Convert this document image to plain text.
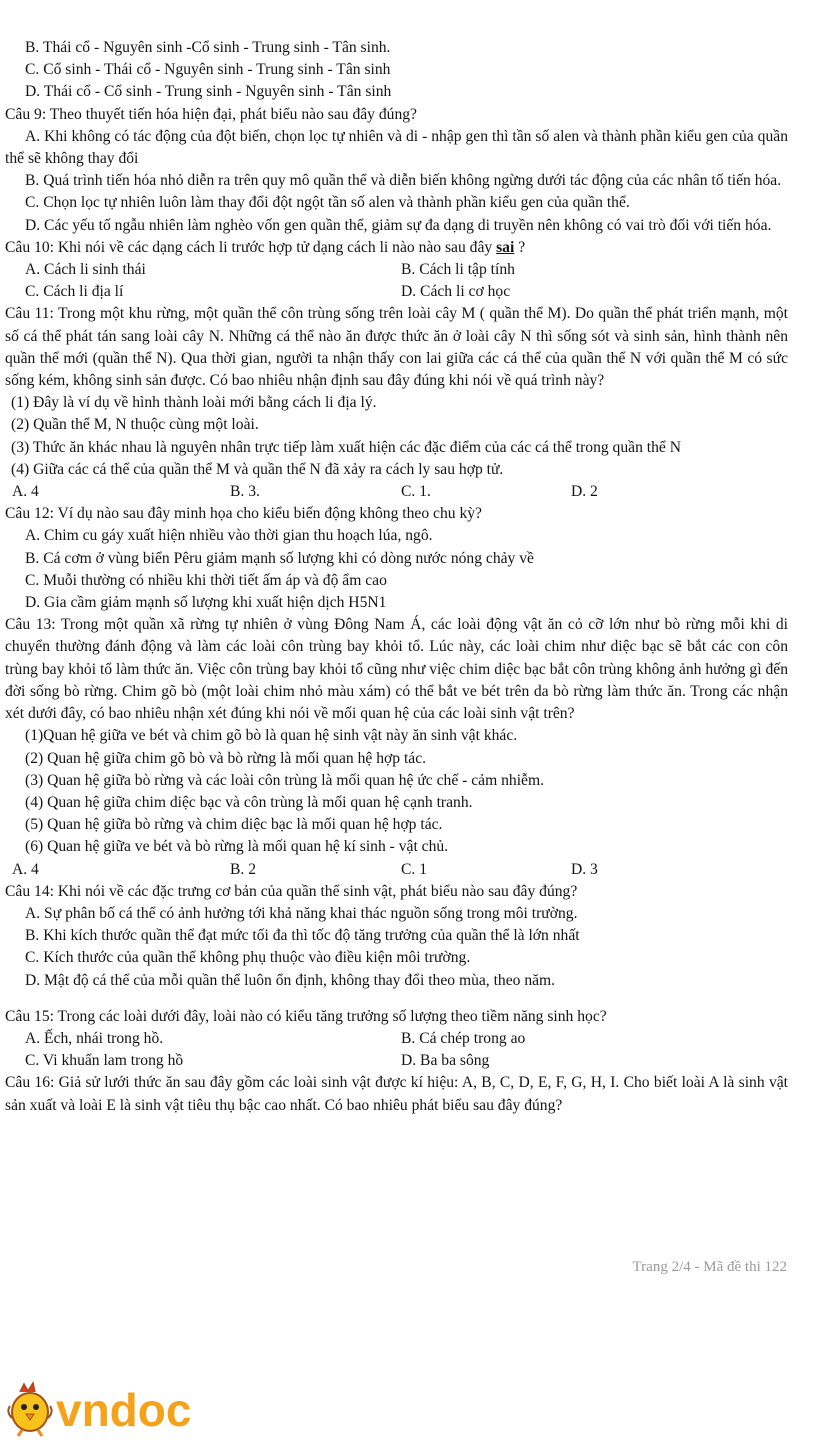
B. Thái cổ - Nguyên sinh -Cổ sinh - Trung sinh - Tân sinh.
C. Cổ sinh - Thái cổ - Nguyên sinh - Trung sinh - Tân sinh
D. Thái cổ - Cổ sinh - Trung sinh - Nguyên sinh - Tân sinh
Câu 9: Theo thuyết tiến hóa hiện đại, phát biểu nào sau đây đúng?
A. Khi không có tác động của đột biến, chọn lọc tự nhiên và di - nhập gen thì tần số alen và thành phần kiểu gen của quần thể sẽ không thay đổi
B. Quá trình tiến hóa nhỏ diễn ra trên quy mô quần thể và diễn biến không ngừng dưới tác động của các nhân tố tiến hóa.
C. Chọn lọc tự nhiên luôn làm thay đổi đột ngột tần số alen và thành phần kiểu gen của quần thể.
D. Các yếu tố ngẫu nhiên làm nghèo vốn gen quần thể, giảm sự đa dạng di truyền nên không có vai trò đối với tiến hóa.
Câu 10: Khi nói về các dạng cách li trước hợp tử dạng cách li nào nào sau đây sai ?
A. Cách li sinh thái	B. Cách li tập tính
C. Cách li địa lí	D. Cách li cơ học
Câu 11: Trong một khu rừng, một quần thể côn trùng sống trên loài cây M ( quần thể M). Do quần thể phát triển mạnh, một số cá thể phát tán sang loài cây N. Những cá thể nào ăn được thức ăn ở loài cây N thì sống sót và sinh sản, hình thành nên quần thể mới (quần thể N). Qua thời gian, người ta nhận thấy con lai giữa các cá thể của quần thể N với quần thể M có sức sống kém, không sinh sản được. Có bao nhiêu nhận định sau đây đúng khi nói về quá trình này?
(1) Đây là ví dụ về hình thành loài mới bằng cách li địa lý.
(2) Quần thể M, N thuộc cùng một loài.
(3) Thức ăn khác nhau là nguyên nhân trực tiếp làm xuất hiện các đặc điểm của các cá thể trong quần thể N
(4) Giữa các cá thể của quần thể M và quần thể N đã xảy ra cách ly sau hợp tử.
A. 4	B. 3.	C. 1.	D. 2
Câu 12: Ví dụ nào sau đây minh họa cho kiểu biến động không theo chu kỳ?
A. Chim cu gáy xuất hiện nhiều vào thời gian thu hoạch lúa, ngô.
B. Cá cơm ở vùng biển Pêru giảm mạnh số lượng khi có dòng nước nóng chảy về
C. Muỗi thường có nhiều khi thời tiết ấm áp và độ ẩm cao
D. Gia cầm giảm mạnh số lượng khi xuất hiện dịch H5N1
Câu 13: Trong một quần xã rừng tự nhiên ở vùng Đông Nam Á, các loài động vật ăn cỏ cỡ lớn như bò rừng mỗi khi di chuyển thường đánh động và làm các loài côn trùng bay khỏi tổ. Lúc này, các loài chim như diệc bạc sẽ bắt các con côn trùng bay khỏi tổ làm thức ăn. Việc côn trùng bay khỏi tổ cũng như việc chim diệc bạc bắt côn trùng không ảnh hưởng gì đến đời sống bò rừng. Chim gõ bò (một loài chim nhỏ màu xám) có thể bắt ve bét trên da bò rừng làm thức ăn. Trong các nhận xét dưới đây, có bao nhiêu nhận xét đúng khi nói về mối quan hệ của các loài sinh vật trên?
(1)Quan hệ giữa ve bét và chim gõ bò là quan hệ sinh vật này ăn sinh vật khác.
(2) Quan hệ giữa chim gõ bò và bò rừng là mối quan hệ hợp tác.
(3) Quan hệ giữa bò rừng và các loài côn trùng là mối quan hệ ức chế - cảm nhiễm.
(4) Quan hệ giữa chim diệc bạc và côn trùng là mối quan hệ cạnh tranh.
(5) Quan hệ giữa bò rừng và chim diệc bạc là mối quan hệ hợp tác.
(6) Quan hệ giữa ve bét và bò rừng là mối quan hệ kí sinh - vật chủ.
A. 4	B. 2	C. 1	D. 3
Câu 14: Khi nói về các đặc trưng cơ bản của quần thể sinh vật, phát biểu nào sau đây đúng?
A. Sự phân bố cá thể có ảnh hưởng tới khả năng khai thác nguồn sống trong môi trường.
B. Khi kích thước quần thể đạt mức tối đa thì tốc độ tăng trưởng của quần thể là lớn nhất
C. Kích thước của quần thể không phụ thuộc vào điều kiện môi trường.
D. Mật độ cá thể của mỗi quần thể luôn ổn định, không thay đổi theo mùa, theo năm.
Câu 15: Trong các loài dưới đây, loài nào có kiểu tăng trưởng số lượng theo tiềm năng sinh học?
A. Ếch, nhái trong hồ.	B. Cá chép trong ao
C. Vi khuẩn lam trong hồ	D. Ba ba sông
Câu 16: Giả sử lưới thức ăn sau đây gồm các loài sinh vật được kí hiệu: A, B, C, D, E, F, G, H, I. Cho biết loài A là sinh vật sản xuất và loài E là sinh vật tiêu thụ bậc cao nhất. Có bao nhiêu phát biểu sau đây đúng?
Trang 2/4 - Mã đề thi 122
vndoc
